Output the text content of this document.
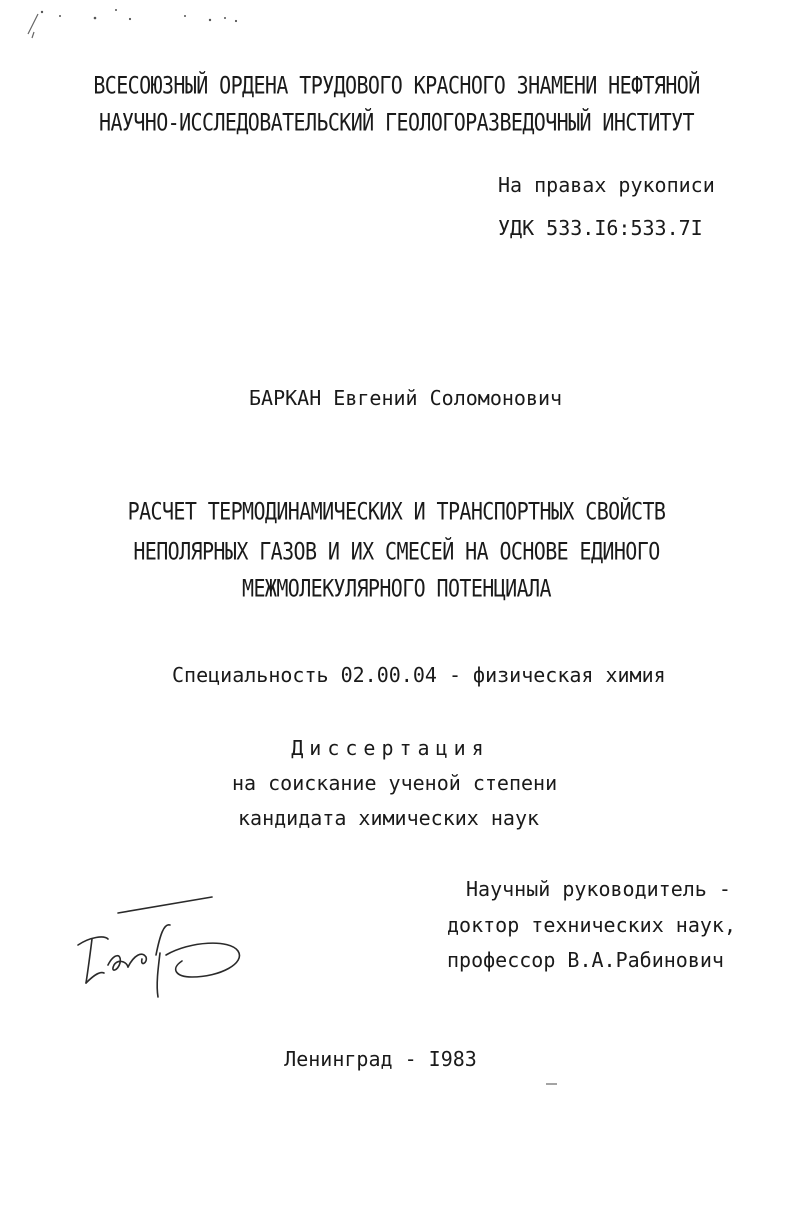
ВСЕСОЮЗНЫЙ ОРДЕНА ТРУДОВОГО КРАСНОГО ЗНАМЕНИ НЕФТЯНОЙ
НАУЧНО-ИССЛЕДОВАТЕЛЬСКИЙ ГЕОЛОГОРАЗВЕДОЧНЫЙ ИНСТИТУТ
На правах рукописи
УДК 533.I6:533.7I
БАРКАН Евгений Соломонович
РАСЧЕТ ТЕРМОДИНАМИЧЕСКИХ И ТРАНСПОРТНЫХ СВОЙСТВ
НЕПОЛЯРНЫХ ГАЗОВ И ИХ СМЕСЕЙ НА ОСНОВЕ ЕДИНОГО
МЕЖМОЛЕКУЛЯРНОГО ПОТЕНЦИАЛА
Специальность 02.00.04 - физическая химия
Диссертация
на соискание ученой степени
кандидата химических наук
Научный руководитель -
доктор технических наук,
профессор В.А.Рабинович
Ленинград - I983
